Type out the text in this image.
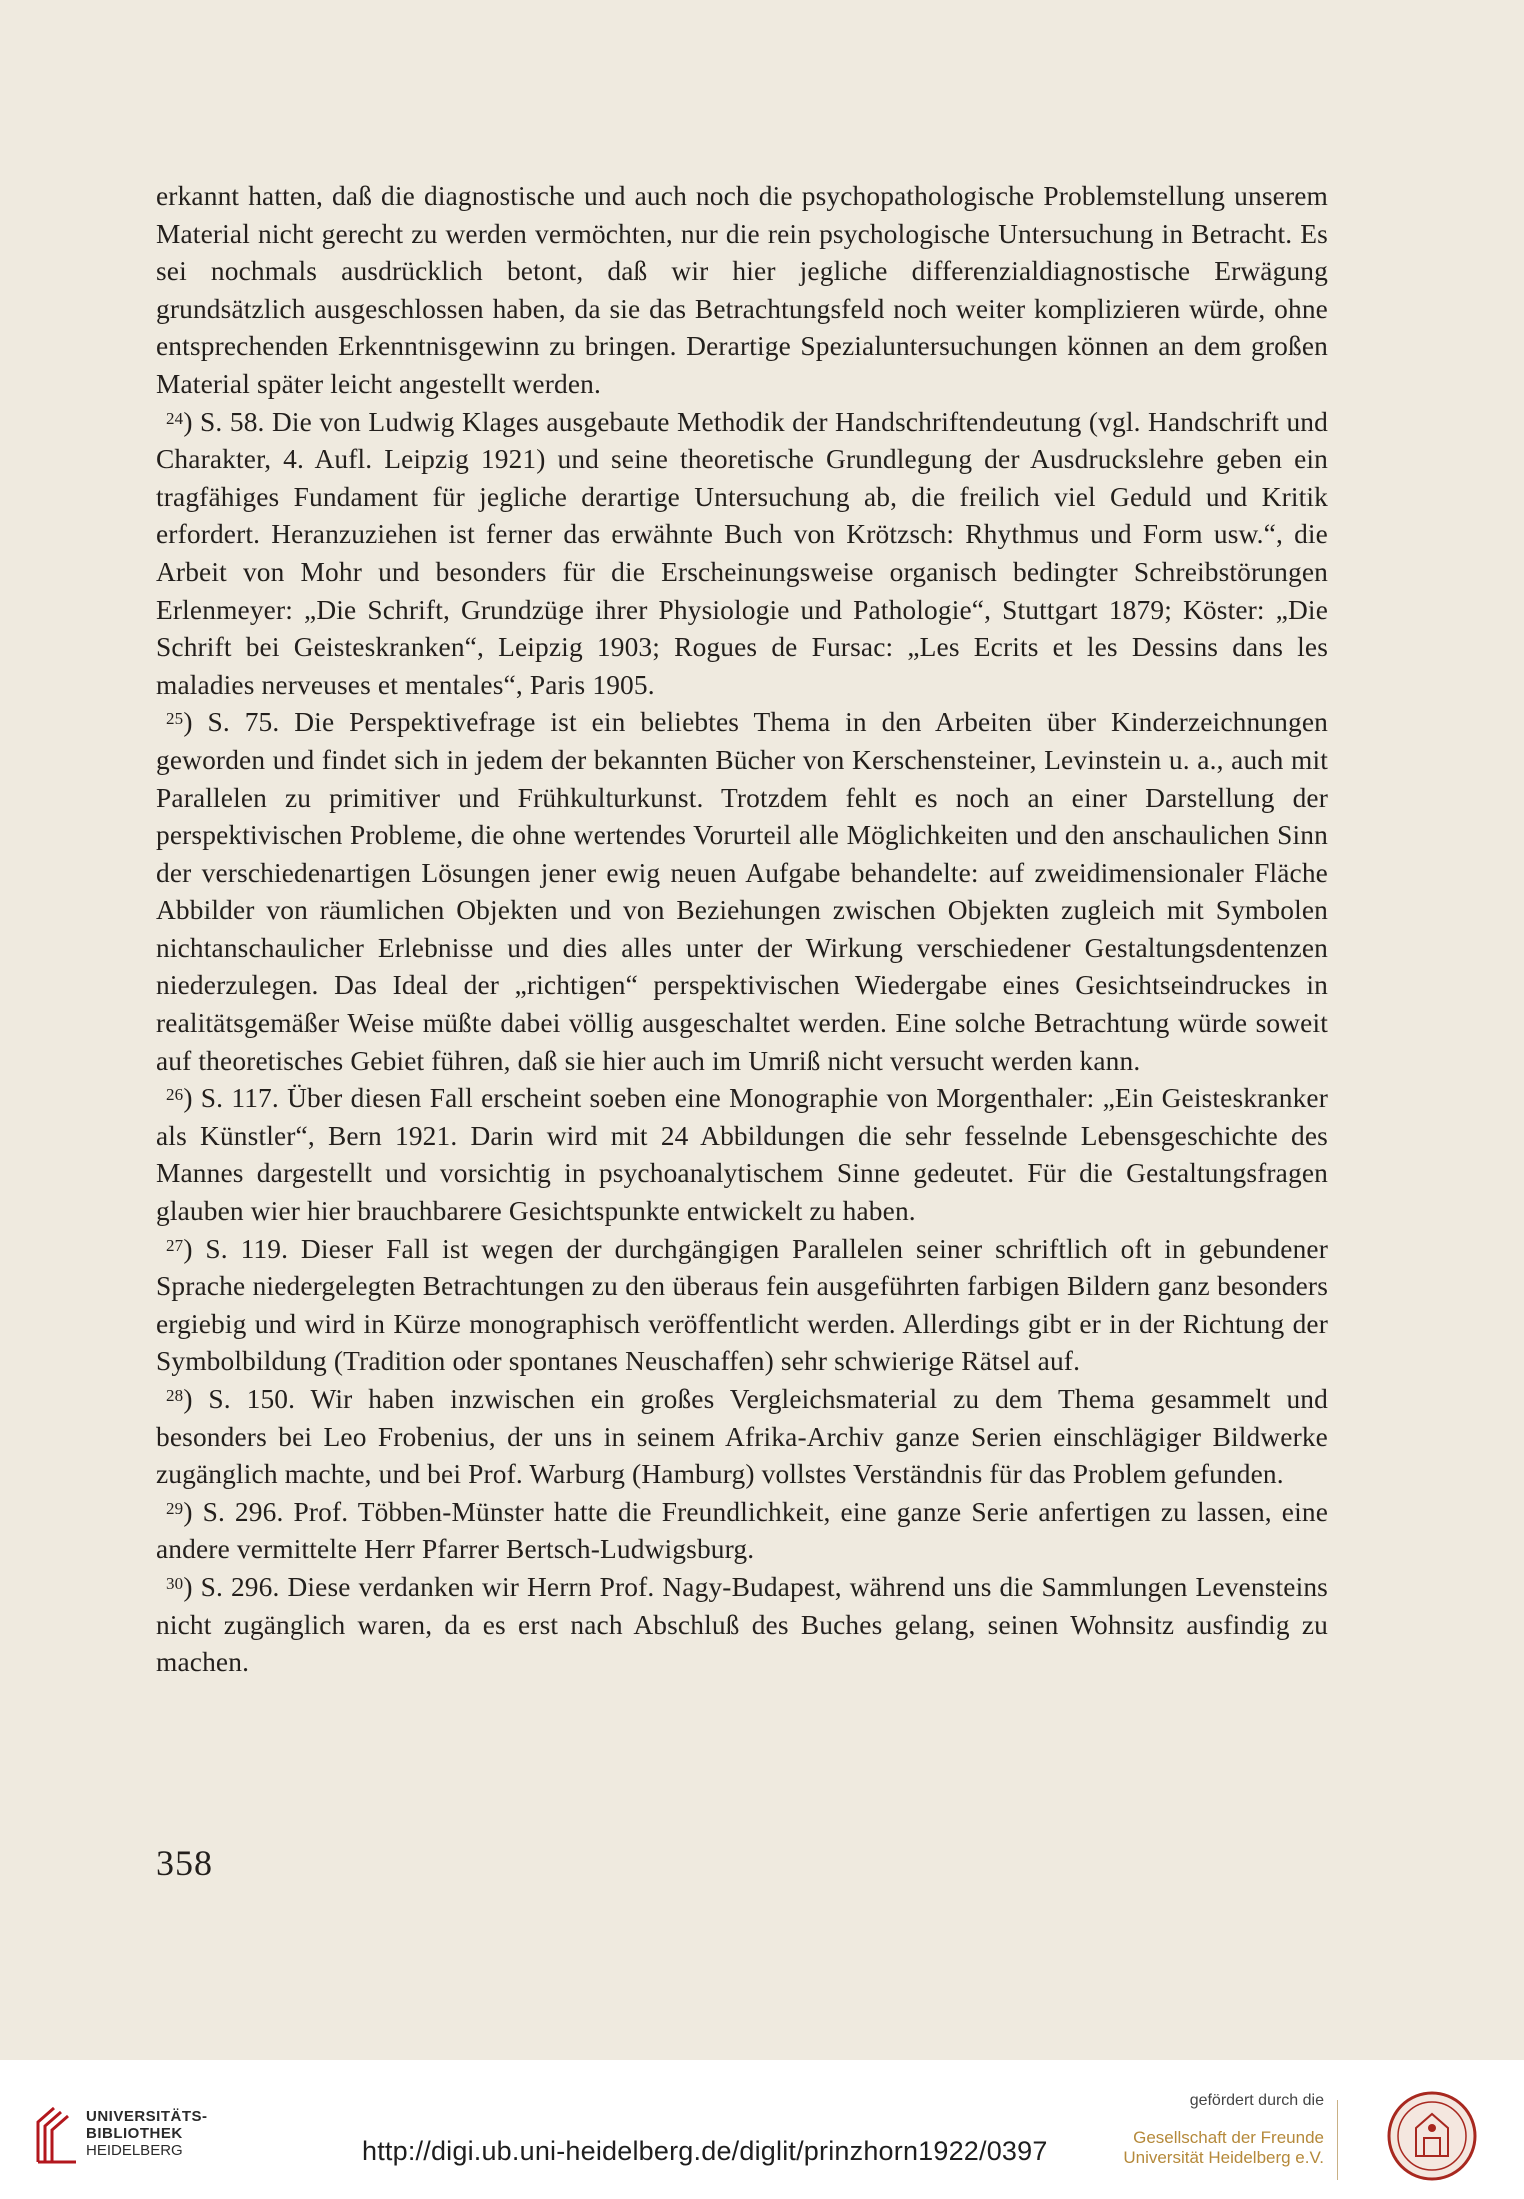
erkannt hatten, daß die diagnostische und auch noch die psychopathologische Problemstellung unserem Material nicht gerecht zu werden vermöchten, nur die rein psychologische Untersuchung in Betracht. Es sei nochmals ausdrücklich betont, daß wir hier jegliche differenzialdiagnostische Erwägung grundsätzlich ausgeschlossen haben, da sie das Betrachtungsfeld noch weiter komplizieren würde, ohne entsprechenden Erkenntnisgewinn zu bringen. Derartige Spezialuntersuchungen können an dem großen Material später leicht angestellt werden.

$^{24}$) S. 58. Die von Ludwig Klages ausgebaute Methodik der Handschriftendeutung (vgl. Handschrift und Charakter, 4. Aufl. Leipzig 1921) und seine theoretische Grundlegung der Ausdruckslehre geben ein tragfähiges Fundament für jegliche derartige Untersuchung ab, die freilich viel Geduld und Kritik erfordert. Heranzuziehen ist ferner das erwähnte Buch von Krötzsch: Rhythmus und Form usw.“, die Arbeit von Mohr und besonders für die Erscheinungsweise organisch bedingter Schreibstörungen Erlenmeyer: „Die Schrift, Grundzüge ihrer Physiologie und Pathologie“, Stuttgart 1879; Köster: „Die Schrift bei Geisteskranken“, Leipzig 1903; Rogues de Fursac: „Les Ecrits et les Dessins dans les maladies nerveuses et mentales“, Paris 1905.

$^{25}$) S. 75. Die Perspektivefrage ist ein beliebtes Thema in den Arbeiten über Kinderzeichnungen geworden und findet sich in jedem der bekannten Bücher von Kerschensteiner, Levinstein u. a., auch mit Parallelen zu primitiver und Frühkulturkunst. Trotzdem fehlt es noch an einer Darstellung der perspektivischen Probleme, die ohne wertendes Vorurteil alle Möglichkeiten und den anschaulichen Sinn der verschiedenartigen Lösungen jener ewig neuen Aufgabe behandelte: auf zweidimensionaler Fläche Abbilder von räumlichen Objekten und von Beziehungen zwischen Objekten zugleich mit Symbolen nichtanschaulicher Erlebnisse und dies alles unter der Wirkung verschiedener Gestaltungsdentenzen niederzulegen. Das Ideal der „richtigen“ perspektivischen Wiedergabe eines Gesichtseindruckes in realitätsgemäßer Weise müßte dabei völlig ausgeschaltet werden. Eine solche Betrachtung würde soweit auf theoretisches Gebiet führen, daß sie hier auch im Umriß nicht versucht werden kann.

$^{26}$) S. 117. Über diesen Fall erscheint soeben eine Monographie von Morgenthaler: „Ein Geisteskranker als Künstler“, Bern 1921. Darin wird mit 24 Abbildungen die sehr fesselnde Lebensgeschichte des Mannes dargestellt und vorsichtig in psychoanalytischem Sinne gedeutet. Für die Gestaltungsfragen glauben wier hier brauchbarere Gesichtspunkte entwickelt zu haben.

$^{27}$) S. 119. Dieser Fall ist wegen der durchgängigen Parallelen seiner schriftlich oft in gebundener Sprache niedergelegten Betrachtungen zu den überaus fein ausgeführten farbigen Bildern ganz besonders ergiebig und wird in Kürze monographisch veröffentlicht werden. Allerdings gibt er in der Richtung der Symbolbildung (Tradition oder spontanes Neuschaffen) sehr schwierige Rätsel auf.

$^{28}$) S. 150. Wir haben inzwischen ein großes Vergleichsmaterial zu dem Thema gesammelt und besonders bei Leo Frobenius, der uns in seinem Afrika-Archiv ganze Serien einschlägiger Bildwerke zugänglich machte, und bei Prof. Warburg (Hamburg) vollstes Verständnis für das Problem gefunden.

$^{29}$) S. 296. Prof. Többen-Münster hatte die Freundlichkeit, eine ganze Serie anfertigen zu lassen, eine andere vermittelte Herr Pfarrer Bertsch-Ludwigsburg.

$^{30}$) S. 296. Diese verdanken wir Herrn Prof. Nagy-Budapest, während uns die Sammlungen Levensteins nicht zugänglich waren, da es erst nach Abschluß des Buches gelang, seinen Wohnsitz ausfindig zu machen.

358
UNIVERSITÄTS-
BIBLIOTHEK
HEIDELBERG	http://digi.ub.uni-heidelberg.de/diglit/prinzhorn1922/0397
gefördert durch die
Gesellschaft der Freunde
Universität Heidelberg e.V.
